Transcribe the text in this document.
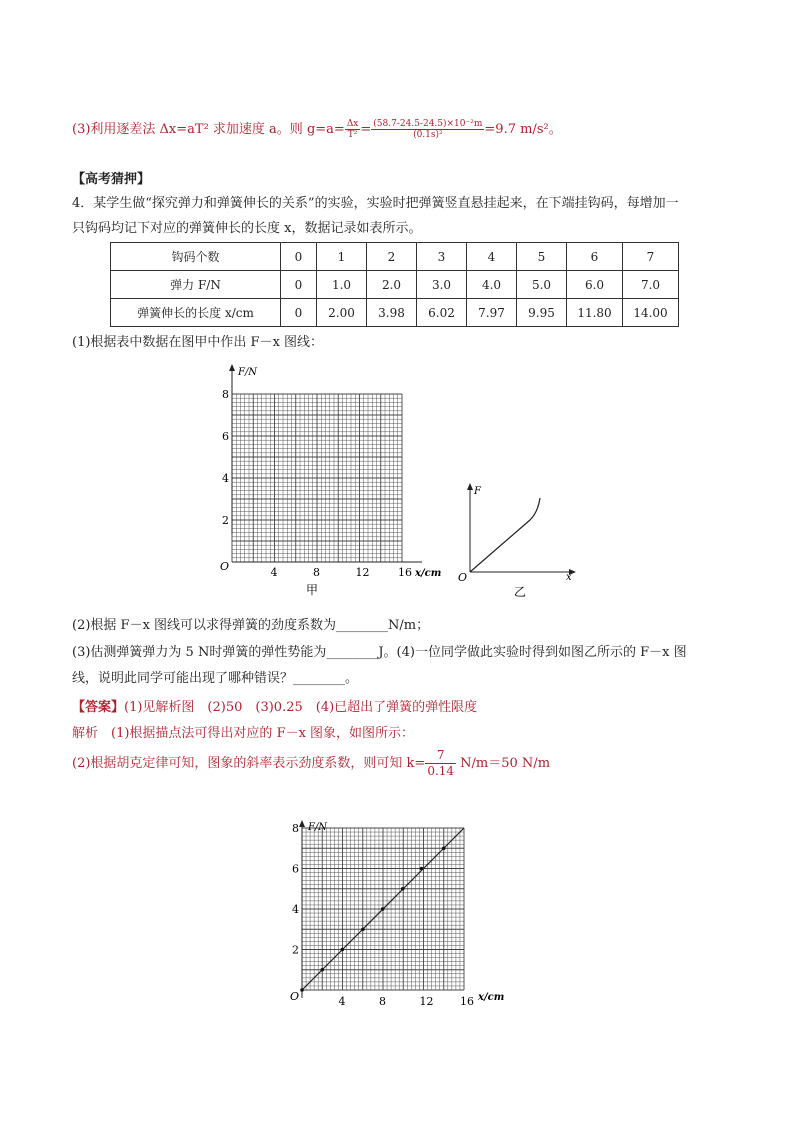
(3)利用逐差法 Δx=aT² 求加速度 a。则 $g=a= \frac{\Delta x}{\text{T²}} = \frac{\text{(58.7-24.5-24.5)×10⁻²m}}{\text{(0.1s)²}} =9.7$ m/s²。
【高考猜押】
4．某学生做“探究弹力和弹簧伸长的关系”的实验，实验时把弹簧竖直悬挂起来，在下端挂钩码，每增加一
只钩码均记下对应的弹簧伸长的长度 x，数据记录如表所示。
钩码个数	0	1	2	3	4	5	6	7
弹力 F/N	0	1.0	2.0	3.0	4.0	5.0	6.0	7.0
弹簧伸长的长度 x/cm	0	2.00	3.98	6.02	7.97	9.95	11.80	14.00
(1)根据表中数据在图甲中作出 F－x 图线：
F/N
O	4	8	12	16
2
4
6
8
x/cm
甲
F
O	x
乙
(2)根据 F－x 图线可以求得弹簧的劲度系数为________N/m；
(3)估测弹簧弹力为 5 N时弹簧的弹性势能为________J。(4)一位同学做此实验时得到如图乙所示的 F－x 图
线，说明此同学可能出现了哪种错误？________。
【答案】(1)见解析图　(2)50　(3)0.25　(4)已超出了弹簧的弹性限度
解析　(1)根据描点法可得出对应的 F－x 图象，如图所示：
(2)根据胡克定律可知，图象的斜率表示劲度系数，则可知 $k= \frac{7}{0.14} N/m=50$ N/m
F/N
O	4	8	12 16
2
4
6
8
x/cm
